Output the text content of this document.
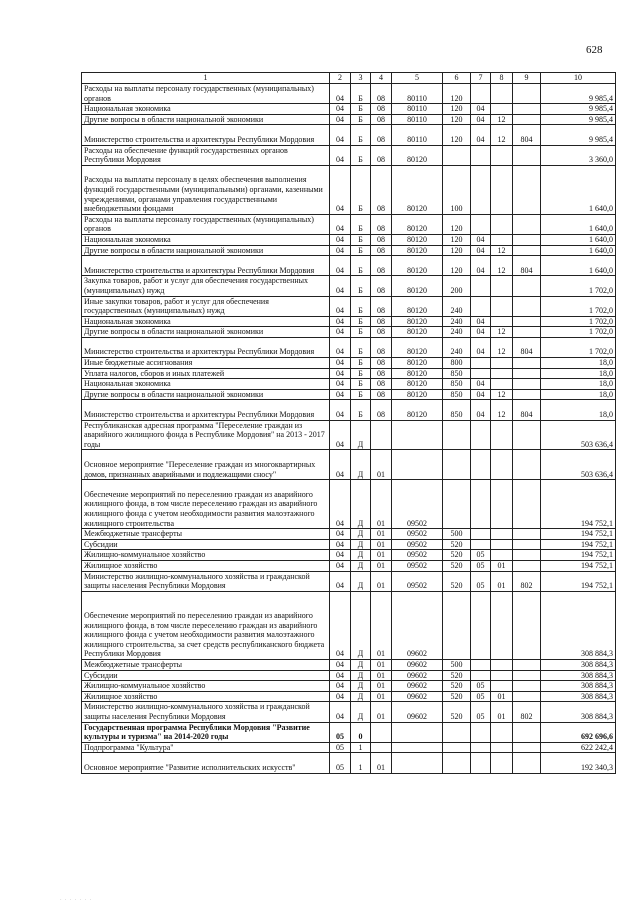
628
1	2	3	4	5	6	7	8	9	10
Расходы на выплаты персоналу государственных (муниципальных) органов	04	Б	08	80110	120				9 985,4
Национальная экономика	04	Б	08	80110	120	04			9 985,4
Другие вопросы в области национальной экономики	04	Б	08	80110	120	04	12		9 985,4
Министерство строительства и архитектуры Республики Мордовия	04	Б	08	80110	120	04	12	804	9 985,4
Расходы на обеспечение функций государственных органов Республики Мордовия	04	Б	08	80120					3 360,0
Расходы на выплаты персоналу в целях обеспечения выполнения функций государственными (муниципальными) органами, казенными учреждениями, органами управления государственными внебюджетными фондами	04	Б	08	80120	100				1 640,0
Расходы на выплаты персоналу государственных (муниципальных) органов	04	Б	08	80120	120				1 640,0
Национальная экономика	04	Б	08	80120	120	04			1 640,0
Другие вопросы в области национальной экономики	04	Б	08	80120	120	04	12		1 640,0
Министерство строительства и архитектуры Республики Мордовия	04	Б	08	80120	120	04	12	804	1 640,0
Закупка товаров, работ и услуг для обеспечения государственных (муниципальных) нужд	04	Б	08	80120	200				1 702,0
Иные закупки товаров, работ и услуг для обеспечения государственных (муниципальных) нужд	04	Б	08	80120	240				1 702,0
Национальная экономика	04	Б	08	80120	240	04			1 702,0
Другие вопросы в области национальной экономики	04	Б	08	80120	240	04	12		1 702,0
Министерство строительства и архитектуры Республики Мордовия	04	Б	08	80120	240	04	12	804	1 702,0
Иные бюджетные ассигнования	04	Б	08	80120	800				18,0
Уплата налогов, сборов и иных платежей	04	Б	08	80120	850				18,0
Национальная экономика	04	Б	08	80120	850	04			18,0
Другие вопросы в области национальной экономики	04	Б	08	80120	850	04	12		18,0
Министерство строительства и архитектуры Республики Мордовия	04	Б	08	80120	850	04	12	804	18,0
Республиканская адресная программа "Переселение граждан из аварийного жилищного фонда в Республике Мордовия" на 2013 - 2017 годы	04	Д							503 636,4
Основное мероприятие "Переселение граждан из многоквартирных домов, признанных аварийными и подлежащими сносу"	04	Д	01						503 636,4
Обеспечение мероприятий по переселению граждан из аварийного жилищного фонда, в том числе переселению граждан из аварийного жилищного фонда с учетом необходимости развития малоэтажного жилищного строительства	04	Д	01	09502					194 752,1
Межбюджетные трансферты	04	Д	01	09502	500				194 752,1
Субсидии	04	Д	01	09502	520				194 752,1
Жилищно-коммунальное хозяйство	04	Д	01	09502	520	05			194 752,1
Жилищное хозяйство	04	Д	01	09502	520	05	01		194 752,1
Министерство жилищно-коммунального хозяйства и гражданской защиты населения Республики Мордовия	04	Д	01	09502	520	05	01	802	194 752,1
Обеспечение мероприятий по переселению граждан из аварийного жилищного фонда, в том числе переселению граждан из аварийного жилищного фонда с учетом необходимости развития малоэтажного жилищного строительства, за счет средств республиканского бюджета Республики Мордовия	04	Д	01	09602					308 884,3
Межбюджетные трансферты	04	Д	01	09602	500				308 884,3
Субсидии	04	Д	01	09602	520				308 884,3
Жилищно-коммунальное хозяйство	04	Д	01	09602	520	05			308 884,3
Жилищное хозяйство	04	Д	01	09602	520	05	01		308 884,3
Министерство жилищно-коммунального хозяйства и гражданской защиты населения Республики Мордовия	04	Д	01	09602	520	05	01	802	308 884,3
Государственная программа Республики Мордовия "Развитие культуры и туризма" на 2014-2020 годы	05	0							692 696,6
Подпрограмма "Культура"	05	1							622 242,4
Основное мероприятие "Развитие исполнительских искусств"	05	1	01						192 340,3
· · · · · · ·
